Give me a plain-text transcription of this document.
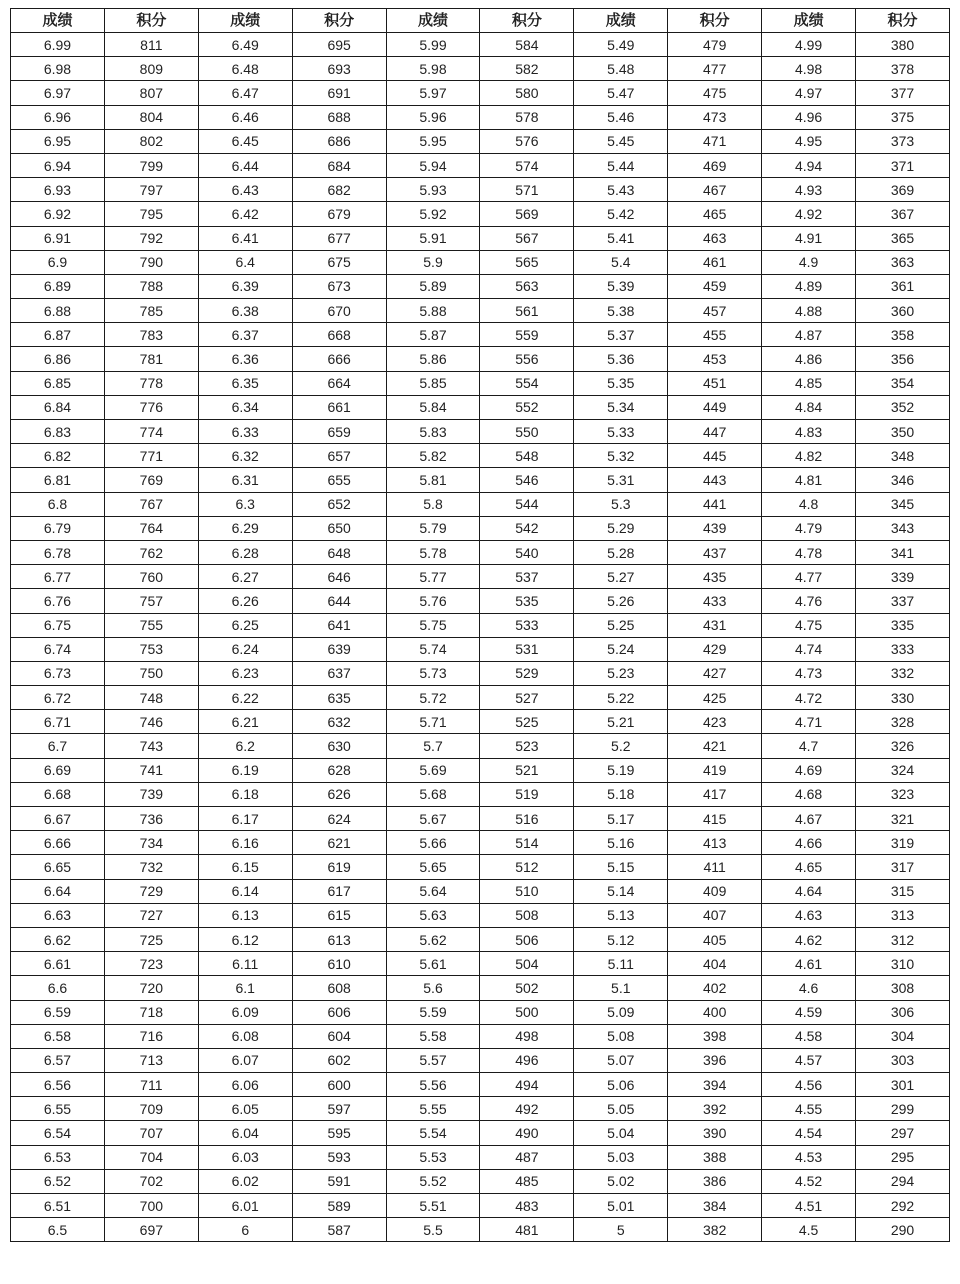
成绩	积分	成绩	积分	成绩	积分	成绩	积分	成绩	积分
6.99	811	6.49	695	5.99	584	5.49	479	4.99	380
6.98	809	6.48	693	5.98	582	5.48	477	4.98	378
6.97	807	6.47	691	5.97	580	5.47	475	4.97	377
6.96	804	6.46	688	5.96	578	5.46	473	4.96	375
6.95	802	6.45	686	5.95	576	5.45	471	4.95	373
6.94	799	6.44	684	5.94	574	5.44	469	4.94	371
6.93	797	6.43	682	5.93	571	5.43	467	4.93	369
6.92	795	6.42	679	5.92	569	5.42	465	4.92	367
6.91	792	6.41	677	5.91	567	5.41	463	4.91	365
6.9	790	6.4	675	5.9	565	5.4	461	4.9	363
6.89	788	6.39	673	5.89	563	5.39	459	4.89	361
6.88	785	6.38	670	5.88	561	5.38	457	4.88	360
6.87	783	6.37	668	5.87	559	5.37	455	4.87	358
6.86	781	6.36	666	5.86	556	5.36	453	4.86	356
6.85	778	6.35	664	5.85	554	5.35	451	4.85	354
6.84	776	6.34	661	5.84	552	5.34	449	4.84	352
6.83	774	6.33	659	5.83	550	5.33	447	4.83	350
6.82	771	6.32	657	5.82	548	5.32	445	4.82	348
6.81	769	6.31	655	5.81	546	5.31	443	4.81	346
6.8	767	6.3	652	5.8	544	5.3	441	4.8	345
6.79	764	6.29	650	5.79	542	5.29	439	4.79	343
6.78	762	6.28	648	5.78	540	5.28	437	4.78	341
6.77	760	6.27	646	5.77	537	5.27	435	4.77	339
6.76	757	6.26	644	5.76	535	5.26	433	4.76	337
6.75	755	6.25	641	5.75	533	5.25	431	4.75	335
6.74	753	6.24	639	5.74	531	5.24	429	4.74	333
6.73	750	6.23	637	5.73	529	5.23	427	4.73	332
6.72	748	6.22	635	5.72	527	5.22	425	4.72	330
6.71	746	6.21	632	5.71	525	5.21	423	4.71	328
6.7	743	6.2	630	5.7	523	5.2	421	4.7	326
6.69	741	6.19	628	5.69	521	5.19	419	4.69	324
6.68	739	6.18	626	5.68	519	5.18	417	4.68	323
6.67	736	6.17	624	5.67	516	5.17	415	4.67	321
6.66	734	6.16	621	5.66	514	5.16	413	4.66	319
6.65	732	6.15	619	5.65	512	5.15	411	4.65	317
6.64	729	6.14	617	5.64	510	5.14	409	4.64	315
6.63	727	6.13	615	5.63	508	5.13	407	4.63	313
6.62	725	6.12	613	5.62	506	5.12	405	4.62	312
6.61	723	6.11	610	5.61	504	5.11	404	4.61	310
6.6	720	6.1	608	5.6	502	5.1	402	4.6	308
6.59	718	6.09	606	5.59	500	5.09	400	4.59	306
6.58	716	6.08	604	5.58	498	5.08	398	4.58	304
6.57	713	6.07	602	5.57	496	5.07	396	4.57	303
6.56	711	6.06	600	5.56	494	5.06	394	4.56	301
6.55	709	6.05	597	5.55	492	5.05	392	4.55	299
6.54	707	6.04	595	5.54	490	5.04	390	4.54	297
6.53	704	6.03	593	5.53	487	5.03	388	4.53	295
6.52	702	6.02	591	5.52	485	5.02	386	4.52	294
6.51	700	6.01	589	5.51	483	5.01	384	4.51	292
6.5	697	6	587	5.5	481	5	382	4.5	290
